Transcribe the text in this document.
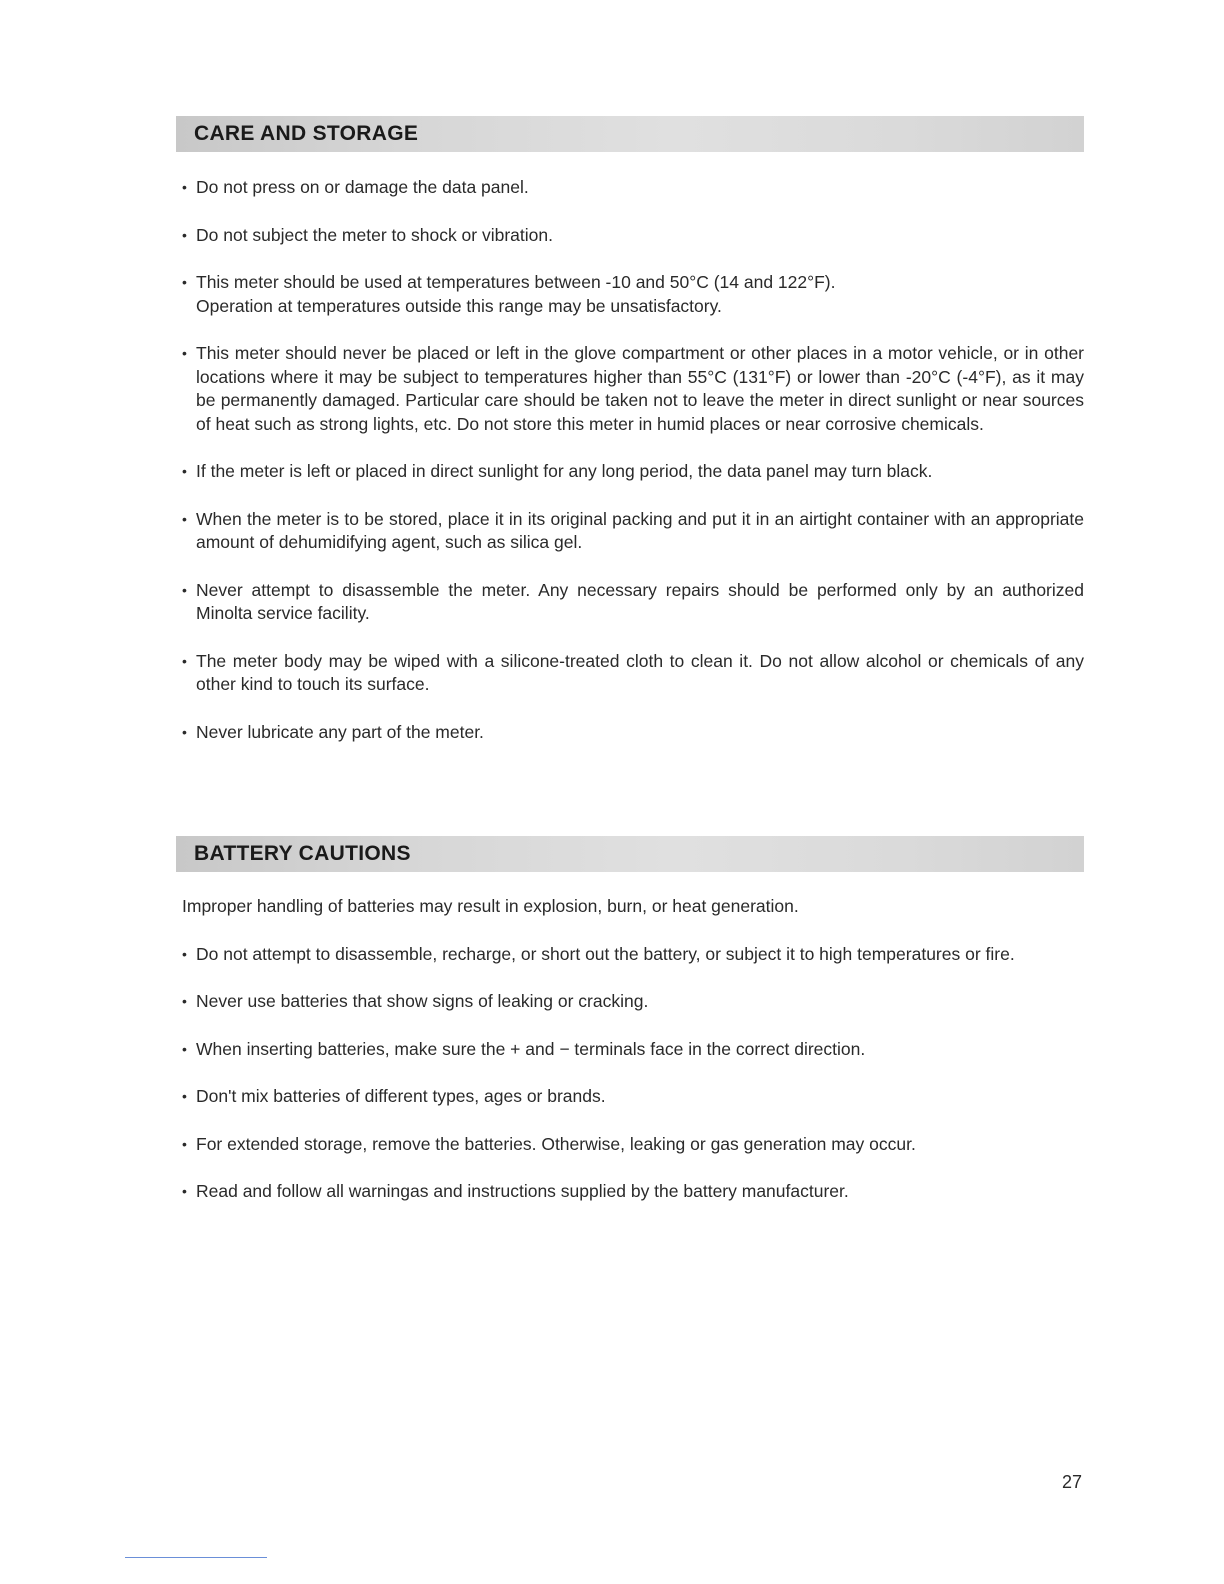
CARE AND STORAGE
• Do not press on or damage the data panel.
• Do not subject the meter to shock or vibration.
• This meter should be used at temperatures between -10 and 50°C (14 and 122°F).
Operation at temperatures outside this range may be unsatisfactory.
• This meter should never be placed or left in the glove compartment or other places in a motor vehicle, or in other locations where it may be subject to temperatures higher than 55°C (131°F) or lower than -20°C (-4°F), as it may be permanently damaged. Particular care should be taken not to leave the meter in direct sunlight or near sources of heat such as strong lights, etc. Do not store this meter in humid places or near corrosive chemicals.
• If the meter is left or placed in direct sunlight for any long period, the data panel may turn black.
• When the meter is to be stored, place it in its original packing and put it in an airtight container with an appropriate amount of dehumidifying agent, such as silica gel.
• Never attempt to disassemble the meter. Any necessary repairs should be performed only by an authorized Minolta service facility.
• The meter body may be wiped with a silicone-treated cloth to clean it. Do not allow alcohol or chemicals of any other kind to touch its surface.
• Never lubricate any part of the meter.
BATTERY CAUTIONS
Improper handling of batteries may result in explosion, burn, or heat generation.
• Do not attempt to disassemble, recharge, or short out the battery, or subject it to high temperatures or fire.
• Never use batteries that show signs of leaking or cracking.
• When inserting batteries, make sure the + and − terminals face in the correct direction.
• Don't mix batteries of different types, ages or brands.
• For extended storage, remove the batteries. Otherwise, leaking or gas generation may occur.
• Read and follow all warningas and instructions supplied by the battery manufacturer.
27
